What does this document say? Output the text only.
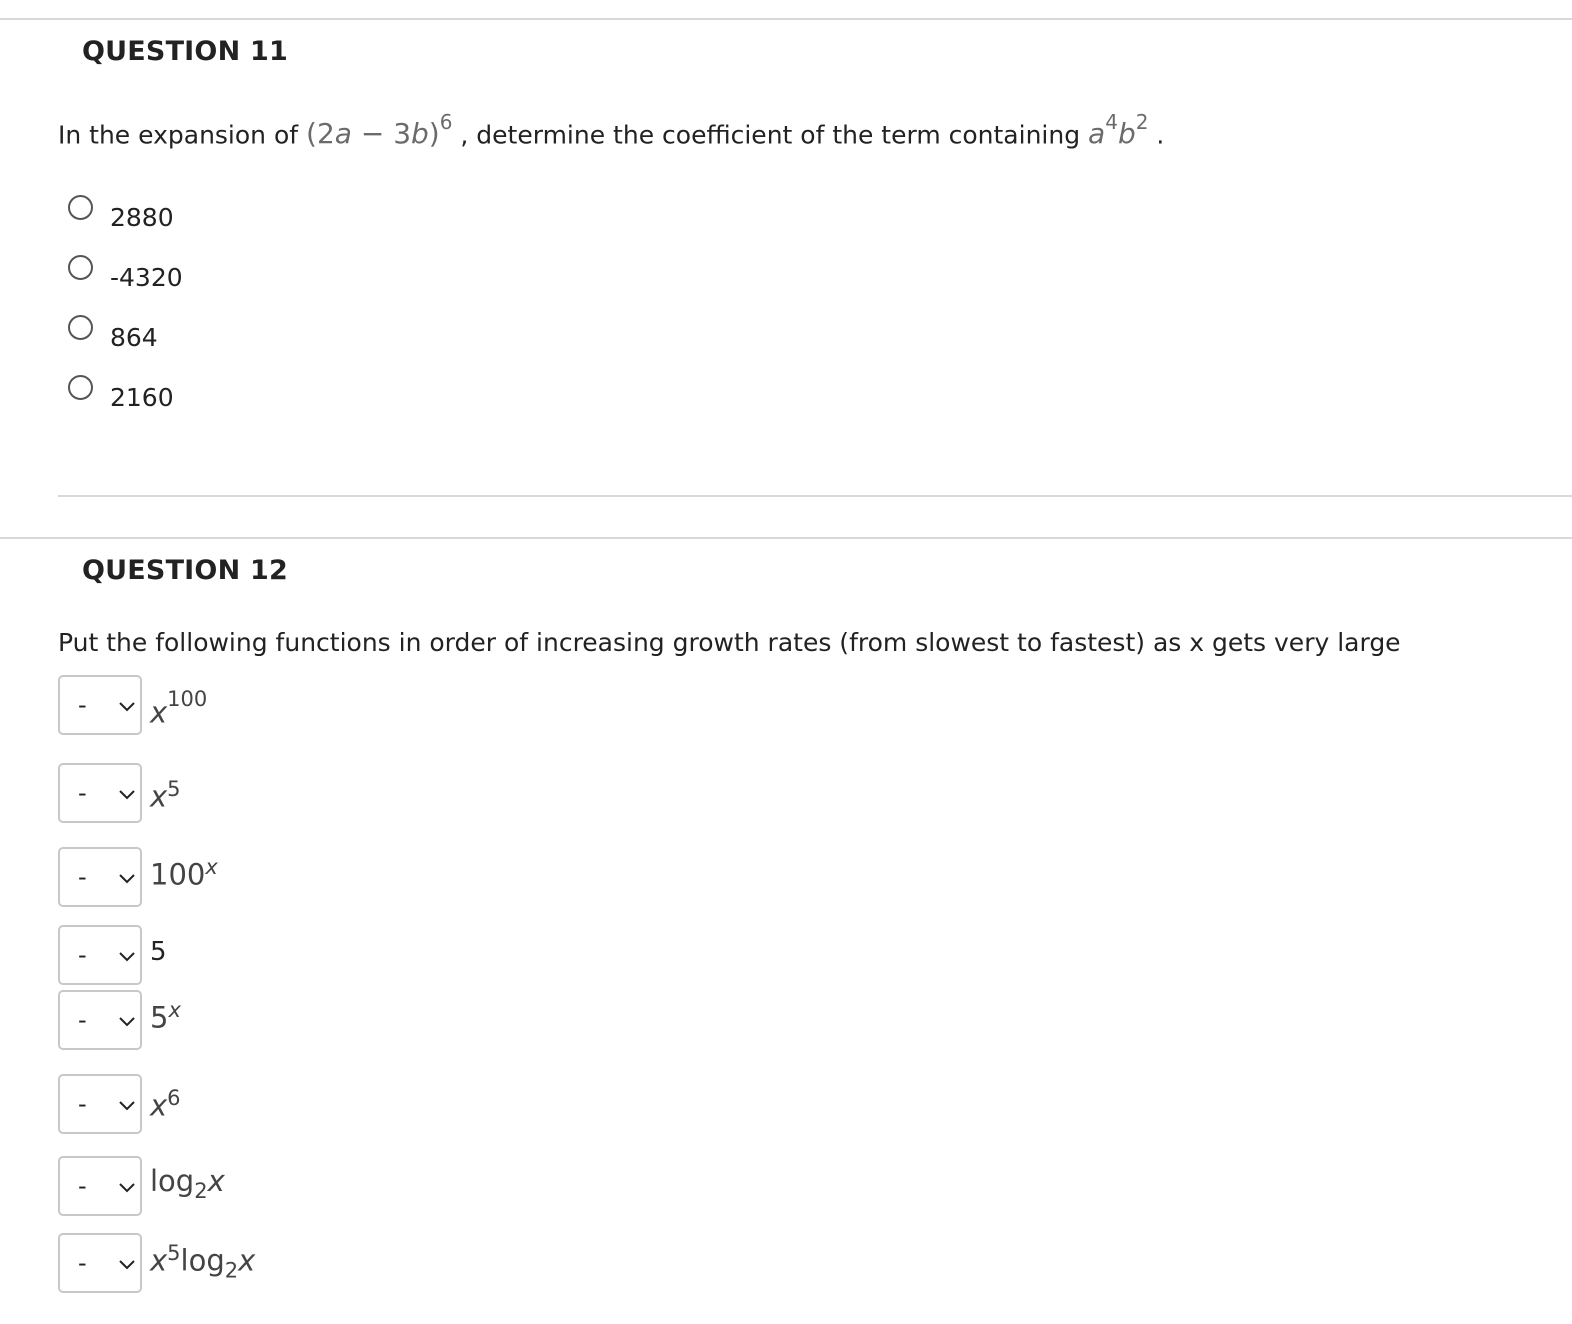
QUESTION 11
In the expansion of $(2a - 3b)^6$ , determine the coefficient of the term containing $a^4b^2$ .
2880
-4320
864
2160
QUESTION 12
Put the following functions in order of increasing growth rates (from slowest to fastest) as x gets very large
- $x^{100}$
- $x^5$
- 100$^x$
- 5
- 5$^x$
- $x^6$
- $\log_2x$
- $x^5\log_2x$
